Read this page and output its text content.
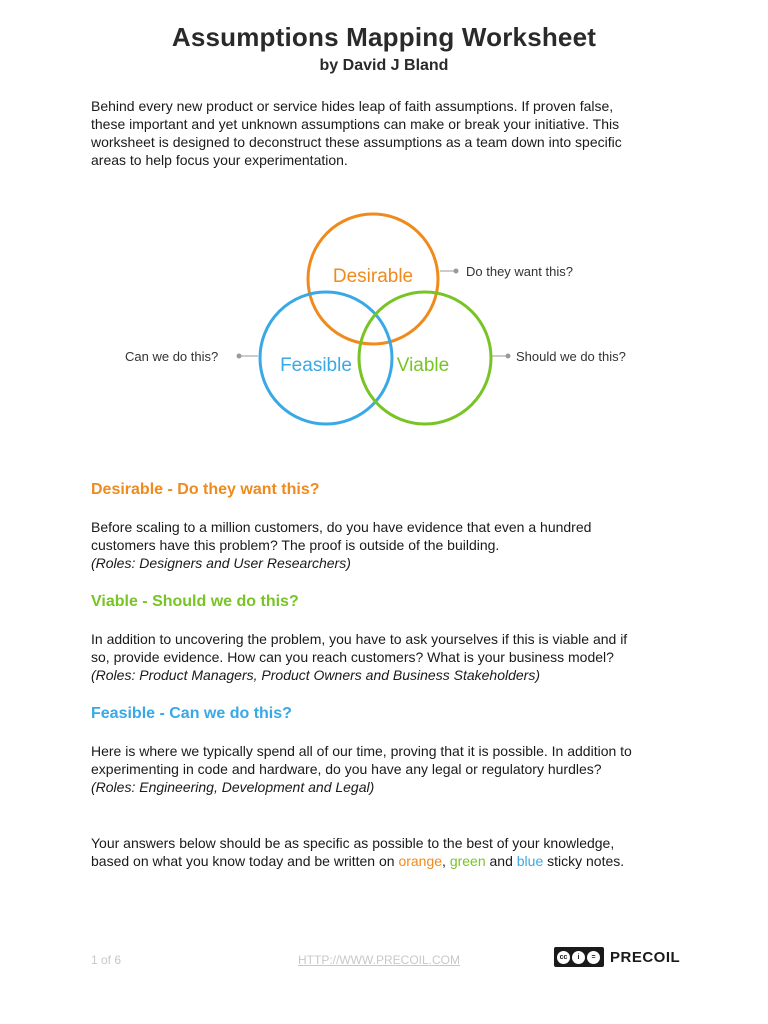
Assumptions Mapping Worksheet
by David J Bland
Behind every new product or service hides leap of faith assumptions. If proven false,
these important and yet unknown assumptions can make or break your initiative. This
worksheet is designed to deconstruct these assumptions as a team down into specific
areas to help focus your experimentation.
Desirable
Feasible Viable
Do they want this?
Can we do this?	Should we do this?
Desirable - Do they want this?
Before scaling to a million customers, do you have evidence that even a hundred
customers have this problem? The proof is outside of the building.
(Roles: Designers and User Researchers)
Viable - Should we do this?
In addition to uncovering the problem, you have to ask yourselves if this is viable and if
so, provide evidence. How can you reach customers? What is your business model?
(Roles: Product Managers, Product Owners and Business Stakeholders)
Feasible - Can we do this?
Here is where we typically spend all of our time, proving that it is possible. In addition to
experimenting in code and hardware, do you have any legal or regulatory hurdles?
(Roles: Engineering, Development and Legal)
Your answers below should be as specific as possible to the best of your knowledge,
based on what you know today and be written on orange, green and blue sticky notes.
1 of 6	HTTP://WWW.PRECOIL.COM	cc	i	= PRECOIL
